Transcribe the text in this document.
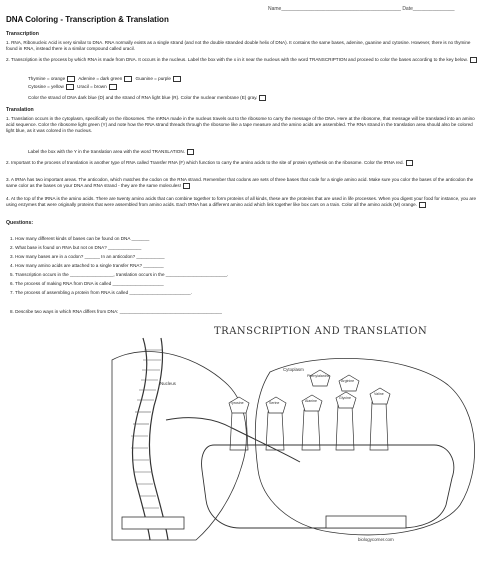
Name___________________________________________ Date_______________
DNA Coloring - Transcription & Translation
Transcription
1. RNA, Ribonucleic Acid is very similar to DNA. RNA normally exists as a single strand (and not the double stranded double helix of DNA). It contains the same bases, adenine, guanine and cytosine. However, there is no thymine found in RNA, instead there is a similar compound called uracil.
2. Transcription is the process by which RNA is made from DNA. It occurs in the nucleus. Label the box with the x in it near the nucleus with the word TRANSCRIPTION and proceed to color the bases according to the key below.
Thymine = orange	Adenine = dark green	Guanine = purple
Cytosine = yellow	Uracil = brown
Color the strand of DNA dark blue (D) and the strand of RNA light blue (R). Color the nuclear membrane (E) gray.
Translation
1. Translation occurs in the cytoplasm, specifically on the ribosomes. The mRNA made in the nucleus travels out to the ribosome to carry the message of the DNA. Here at the ribosome, that message will be translated into an amino acid sequence. Color the ribosome light green (Y) and note how the RNA strand threads through the ribosome like a tape measure and the amino acids are assembled. The RNA strand in the translation area should also be colored light blue, as it was colored in the nucleus.
Label the box with the Y in the translation area with the word TRANSLATION.
2. Important to the process of translation is another type of RNA called Transfer RNA (F) which function to carry the amino acids to the site of protein synthesis on the ribosome. Color the tRNA red.
3. A tRNA has two important areas. The anticodon, which matches the codon on the RNA strand. Remember that codons are sets of three bases that code for a single amino acid. Make sure you color the bases of the anticodon the same color as the bases on your DNA and RNA strand - they are the same molecules!
4. At the top of the tRNA is the amino acids. There are twenty amino acids that can combine together to form proteins of all kinds, these are the proteins that are used in life processes. When you digest your food for instance, you are using enzymes that were originally proteins that were assembled from amino acids. Each tRNA has a different amino acid which link together like box cars on a train. Color all the amino acids (M) orange.
Questions:
1. How many different kinds of bases can be found on DNA _______
2. What base is found on RNA but not on DNA? _____________
3. How many bases are in a codon? ______ In an anticodon? ___________
4. How many amino acids are attached to a single transfer RNA? ________
5. Transcription occurs in the _________________, translation occurs in the ________________________.
6. The process of making RNA from DNA is called ____________________
7. The process of assembling a protein from RNA is called ________________________.
8. Describe two ways in which RNA differs from DNA: ________________________________________
TRANSCRIPTION AND TRANSLATION
Nucleus
Cytoplasm
Tyrosine	Serine	Alanine
Glycine
Valine
Arginine
Phenylalanine
biologycorner.com
